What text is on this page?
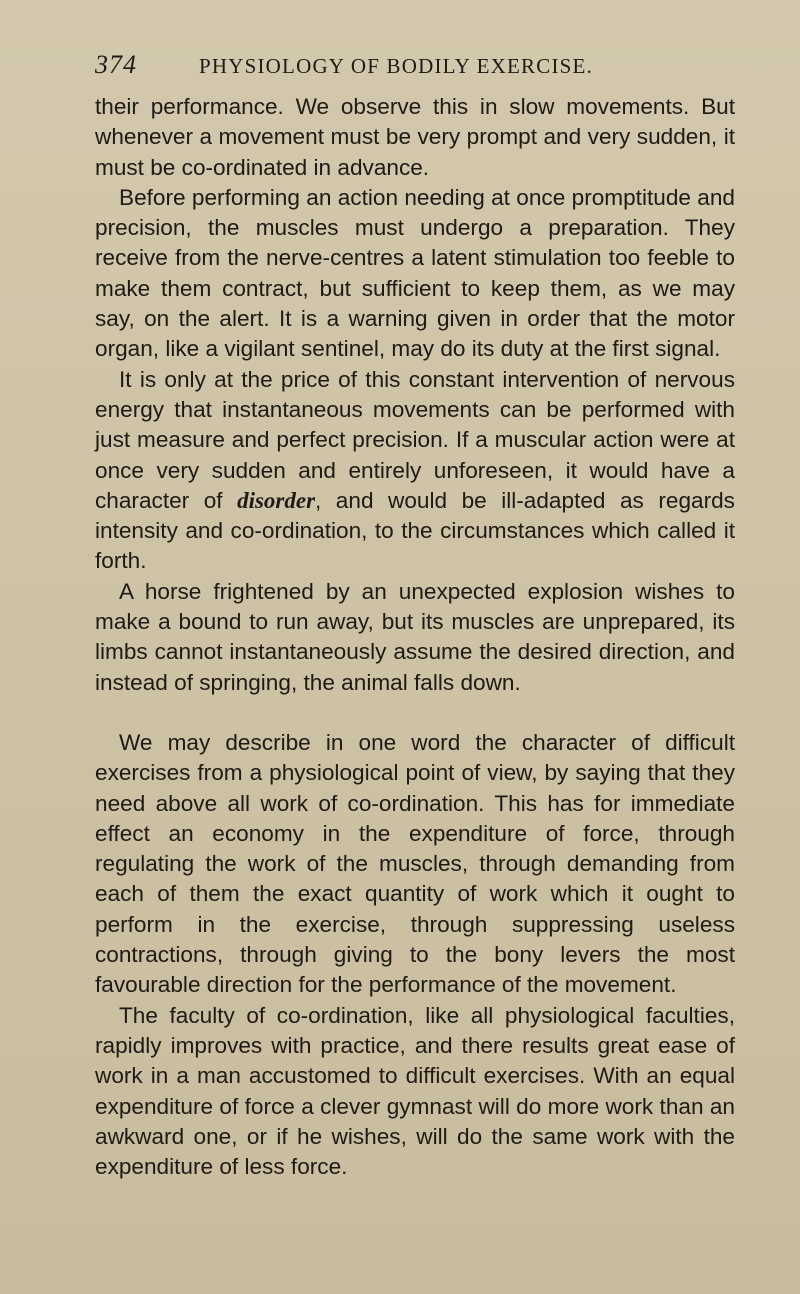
374	PHYSIOLOGY OF BODILY EXERCISE.

their performance. We observe this in slow movements. But whenever a movement must be very prompt and very sudden, it must be co-ordinated in advance.

Before performing an action needing at once promptitude and precision, the muscles must undergo a preparation. They receive from the nerve-centres a latent stimulation too feeble to make them contract, but sufficient to keep them, as we may say, on the alert. It is a warning given in order that the motor organ, like a vigilant sentinel, may do its duty at the first signal.

It is only at the price of this constant intervention of nervous energy that instantaneous movements can be performed with just measure and perfect precision. If a muscular action were at once very sudden and entirely unforeseen, it would have a character of disorder, and would be ill-adapted as regards intensity and co-ordination, to the circumstances which called it forth.

A horse frightened by an unexpected explosion wishes to make a bound to run away, but its muscles are unprepared, its limbs cannot instantaneously assume the desired direction, and instead of springing, the animal falls down.

We may describe in one word the character of difficult exercises from a physiological point of view, by saying that they need above all work of co-ordination. This has for immediate effect an economy in the expenditure of force, through regulating the work of the muscles, through demanding from each of them the exact quantity of work which it ought to perform in the exercise, through suppressing useless contractions, through giving to the bony levers the most favourable direction for the performance of the movement.

The faculty of co-ordination, like all physiological faculties, rapidly improves with practice, and there results great ease of work in a man accustomed to difficult exercises. With an equal expenditure of force a clever gymnast will do more work than an awkward one, or if he wishes, will do the same work with the expenditure of less force.
